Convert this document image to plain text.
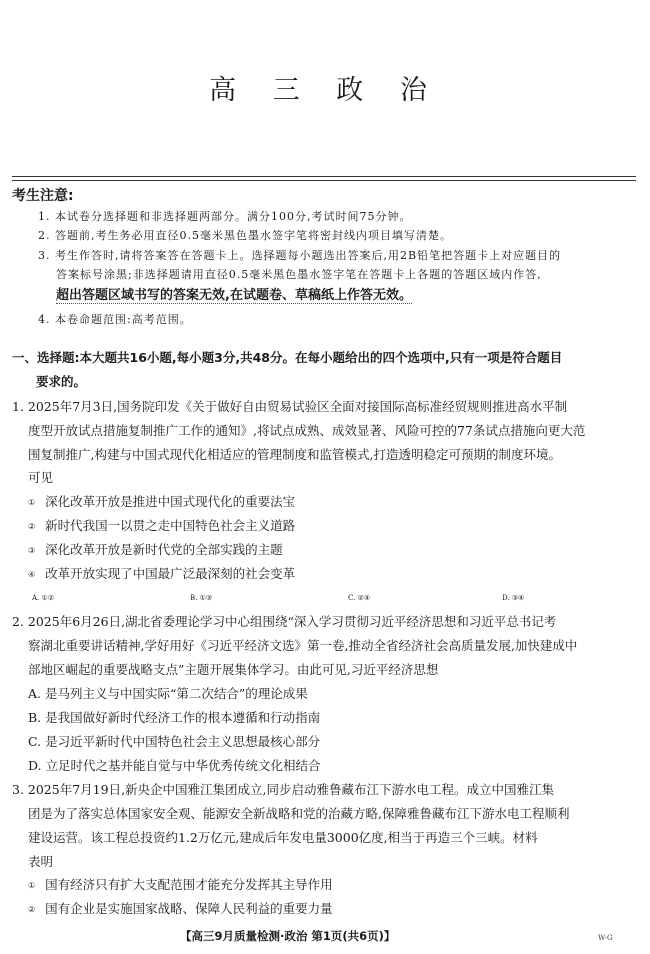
高 三 政 治
考生注意:
1. 本试卷分选择题和非选择题两部分。满分100分,考试时间75分钟。
2. 答题前,考生务必用直径0.5毫米黑色墨水签字笔将密封线内项目填写清楚。
3. 考生作答时,请将答案答在答题卡上。选择题每小题选出答案后,用2B铅笔把答题卡上对应题目的
答案标号涂黑;非选择题请用直径0.5毫米黑色墨水签字笔在答题卡上各题的答题区域内作答,
超出答题区域书写的答案无效,在试题卷、草稿纸上作答无效。
4. 本卷命题范围:高考范围。
一、选择题:本大题共16小题,每小题3分,共48分。在每小题给出的四个选项中,只有一项是符合题目
要求的。
1. 2025年7月3日,国务院印发《关于做好自由贸易试验区全面对接国际高标准经贸规则推进高水平制
度型开放试点措施复制推广工作的通知》,将试点成熟、成效显著、风险可控的77条试点措施向更大范
围复制推广,构建与中国式现代化相适应的管理制度和监管模式,打造透明稳定可预期的制度环境。
可见
① 深化改革开放是推进中国式现代化的重要法宝
② 新时代我国一以贯之走中国特色社会主义道路
③ 深化改革开放是新时代党的全部实践的主题
④ 改革开放实现了中国最广泛最深刻的社会变革
A. ①②	B. ①③	C. ②④	D. ③④
2. 2025年6月26日,湖北省委理论学习中心组围绕“深入学习贯彻习近平经济思想和习近平总书记考
察湖北重要讲话精神,学好用好《习近平经济文选》第一卷,推动全省经济社会高质量发展,加快建成中
部地区崛起的重要战略支点”主题开展集体学习。由此可见,习近平经济思想
A. 是马列主义与中国实际“第二次结合”的理论成果
B. 是我国做好新时代经济工作的根本遵循和行动指南
C. 是习近平新时代中国特色社会主义思想最核心部分
D. 立足时代之基并能自觉与中华优秀传统文化相结合
3. 2025年7月19日,新央企中国雅江集团成立,同步启动雅鲁藏布江下游水电工程。成立中国雅江集
团是为了落实总体国家安全观、能源安全新战略和党的治藏方略,保障雅鲁藏布江下游水电工程顺利
建设运营。该工程总投资约1.2万亿元,建成后年发电量3000亿度,相当于再造三个三峡。材料
表明
① 国有经济只有扩大支配范围才能充分发挥其主导作用
② 国有企业是实施国家战略、保障人民利益的重要力量
【高三9月质量检测·政治 第1页(共6页)】	W-G
